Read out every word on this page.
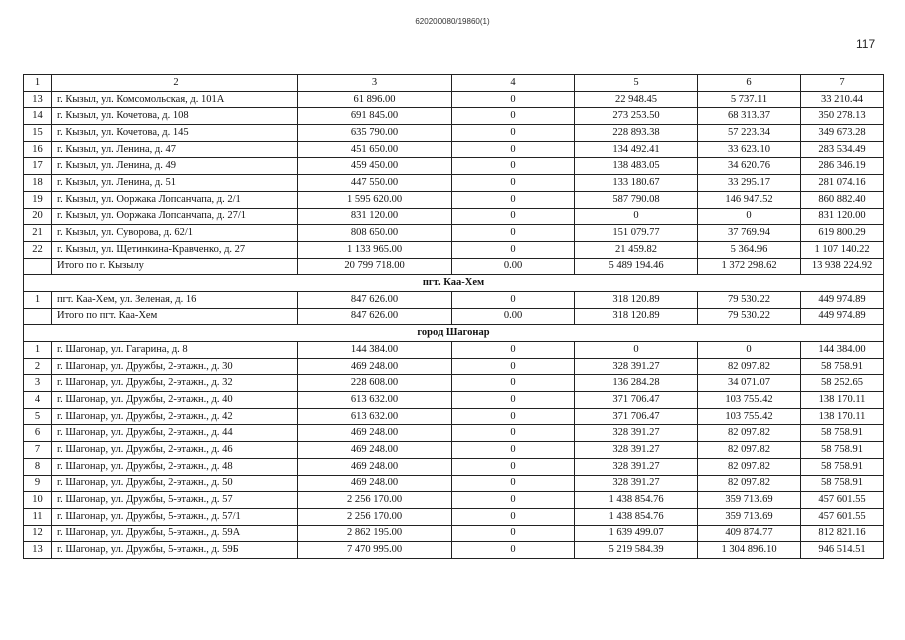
620200080/19860(1)
117
1	2	3	4	5	6	7
13	г. Кызыл, ул. Комсомольская, д. 101А	61 896.00	0	22 948.45	5 737.11	33 210.44
14	г. Кызыл, ул. Кочетова, д. 108	691 845.00	0	273 253.50	68 313.37	350 278.13
15	г. Кызыл, ул. Кочетова, д. 145	635 790.00	0	228 893.38	57 223.34	349 673.28
16	г. Кызыл, ул. Ленина, д. 47	451 650.00	0	134 492.41	33 623.10	283 534.49
17	г. Кызыл, ул. Ленина, д. 49	459 450.00	0	138 483.05	34 620.76	286 346.19
18	г. Кызыл, ул. Ленина, д. 51	447 550.00	0	133 180.67	33 295.17	281 074.16
19	г. Кызыл, ул. Ооржака Лопсанчапа, д. 2/1	1 595 620.00	0	587 790.08	146 947.52	860 882.40
20	г. Кызыл, ул. Ооржака Лопсанчапа, д. 27/1	831 120.00	0	0	0	831 120.00
21	г. Кызыл, ул. Суворова, д. 62/1	808 650.00	0	151 079.77	37 769.94	619 800.29
22	г. Кызыл, ул. Щетинкина-Кравченко, д. 27	1 133 965.00	0	21 459.82	5 364.96	1 107 140.22
	Итого по г. Кызылу	20 799 718.00	0.00	5 489 194.46	1 372 298.62	13 938 224.92
пгт. Каа-Хем						
1	пгт. Каа-Хем, ул. Зеленая, д. 16	847 626.00	0	318 120.89	79 530.22	449 974.89
	Итого по пгт. Каа-Хем	847 626.00	0.00	318 120.89	79 530.22	449 974.89
город Шагонар						
1	г. Шагонар, ул. Гагарина, д. 8	144 384.00	0	0	0	144 384.00
2	г. Шагонар, ул. Дружбы, 2-этажн., д. 30	469 248.00	0	328 391.27	82 097.82	58 758.91
3	г. Шагонар, ул. Дружбы, 2-этажн., д. 32	228 608.00	0	136 284.28	34 071.07	58 252.65
4	г. Шагонар, ул. Дружбы, 2-этажн., д. 40	613 632.00	0	371 706.47	103 755.42	138 170.11
5	г. Шагонар, ул. Дружбы, 2-этажн., д. 42	613 632.00	0	371 706.47	103 755.42	138 170.11
6	г. Шагонар, ул. Дружбы, 2-этажн., д. 44	469 248.00	0	328 391.27	82 097.82	58 758.91
7	г. Шагонар, ул. Дружбы, 2-этажн., д. 46	469 248.00	0	328 391.27	82 097.82	58 758.91
8	г. Шагонар, ул. Дружбы, 2-этажн., д. 48	469 248.00	0	328 391.27	82 097.82	58 758.91
9	г. Шагонар, ул. Дружбы, 2-этажн., д. 50	469 248.00	0	328 391.27	82 097.82	58 758.91
10	г. Шагонар, ул. Дружбы, 5-этажн., д. 57	2 256 170.00	0	1 438 854.76	359 713.69	457 601.55
11	г. Шагонар, ул. Дружбы, 5-этажн., д. 57/1	2 256 170.00	0	1 438 854.76	359 713.69	457 601.55
12	г. Шагонар, ул. Дружбы, 5-этажн., д. 59А	2 862 195.00	0	1 639 499.07	409 874.77	812 821.16
13	г. Шагонар, ул. Дружбы, 5-этажн., д. 59Б	7 470 995.00	0	5 219 584.39	1 304 896.10	946 514.51
